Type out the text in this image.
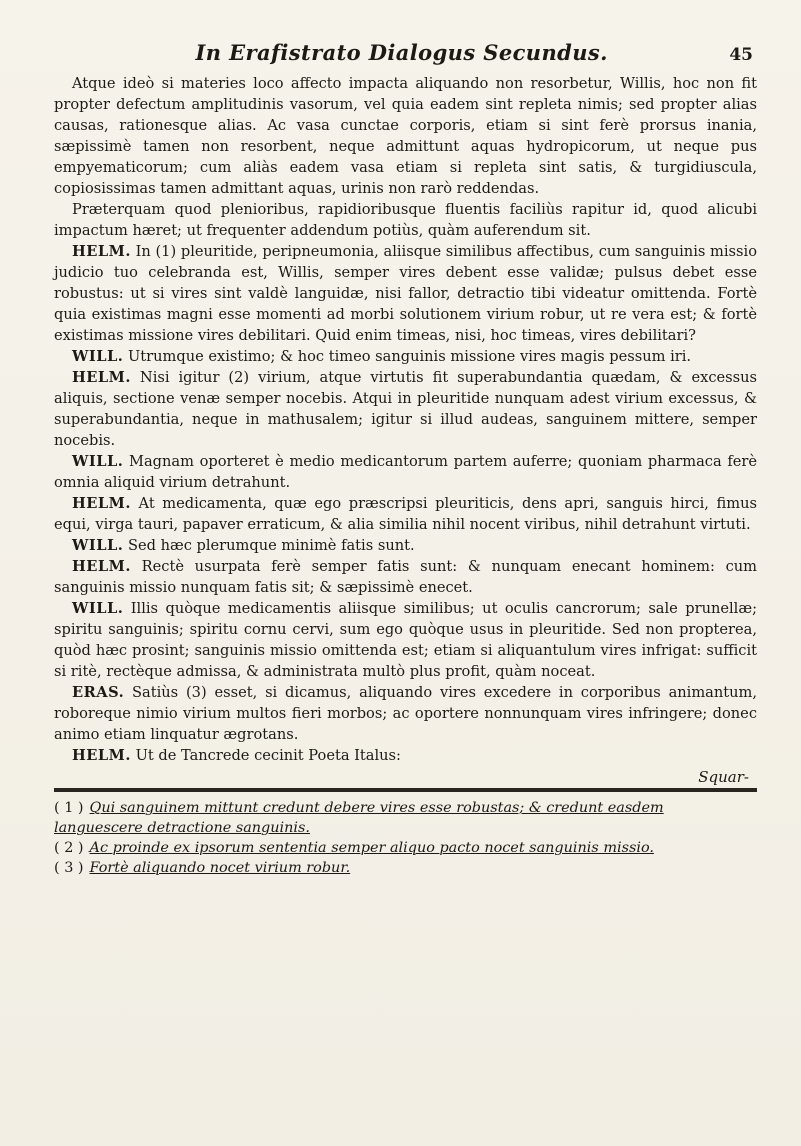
In Erafistrato Dialogus Secundus.	45

Atque ideò si materies loco affecto impacta aliquando non resorbetur, Willis, hoc non fit propter defectum amplitudinis vasorum, vel quia eadem sint repleta nimis; sed propter alias causas, rationesque alias. Ac vasa cunctae corporis, etiam si sint ferè prorsus inania, sæpissimè tamen non resorbent, neque admittunt aquas hydropicorum, ut neque pus empyematicorum; cum aliàs eadem vasa etiam si repleta sint satis, & turgidiuscula, copiosissimas tamen admittant aquas, urinis non rarò reddendas.

Præterquam quod plenioribus, rapidioribusque fluentis faciliùs rapitur id, quod alicubi impactum hæret; ut frequenter addendum potiùs, quàm auferendum sit.

HELM. In (1) pleuritide, peripneumonia, aliisque similibus affectibus, cum sanguinis missio judicio tuo celebranda est, Willis, semper vires debent esse validæ; pulsus debet esse robustus: ut si vires sint valdè languidæ, nisi fallor, detractio tibi videatur omittenda. Fortè quia existimas magni esse momenti ad morbi solutionem virium robur, ut re vera est; & fortè existimas missione vires debilitari. Quid enim timeas, nisi, hoc timeas, vires debilitari?

WILL. Utrumque existimo; & hoc timeo sanguinis missione vires magis pessum iri.

HELM. Nisi igitur (2) virium, atque virtutis fit superabundantia quædam, & excessus aliquis, sectione venæ semper nocebis. Atqui in pleuritide nunquam adest virium excessus, & superabundantia, neque in mathusalem; igitur si illud audeas, sanguinem mittere, semper nocebis.

WILL. Magnam oporteret è medio medicantorum partem auferre; quoniam pharmaca ferè omnia aliquid virium detrahunt.

HELM. At medicamenta, quæ ego præscripsi pleuriticis, dens apri, sanguis hirci, fimus equi, virga tauri, papaver erraticum, & alia similia nihil nocent viribus, nihil detrahunt virtuti.

WILL. Sed hæc plerumque minimè fatis sunt.

HELM. Rectè usurpata ferè semper fatis sunt: & nunquam enecant hominem: cum sanguinis missio nunquam fatis sit; & sæpissimè enecet.

WILL. Illis quòque medicamentis aliisque similibus; ut oculis cancrorum; sale prunellæ; spiritu sanguinis; spiritu cornu cervi, sum ego quòque usus in pleuritide. Sed non propterea, quòd hæc prosint; sanguinis missio omittenda est; etiam si aliquantulum vires infrigat: sufficit si ritè, rectèque admissa, & administrata multò plus profit, quàm noceat.

ERAS. Satiùs (3) esset, si dicamus, aliquando vires excedere in corporibus animantum, roboreque nimio virium multos fieri morbos; ac oportere nonnunquam vires infringere; donec animo etiam linquatur ægrotans.

HELM. Ut de Tancrede cecinit Poeta Italus:

Squar-

( 1 ) Qui sanguinem mittunt credunt debere vires esse robustas; & credunt easdem languescere detractione sanguinis.

( 2 ) Ac proinde ex ipsorum sententia semper aliquo pacto nocet sanguinis missio.

( 3 ) Fortè aliquando nocet virium robur.
